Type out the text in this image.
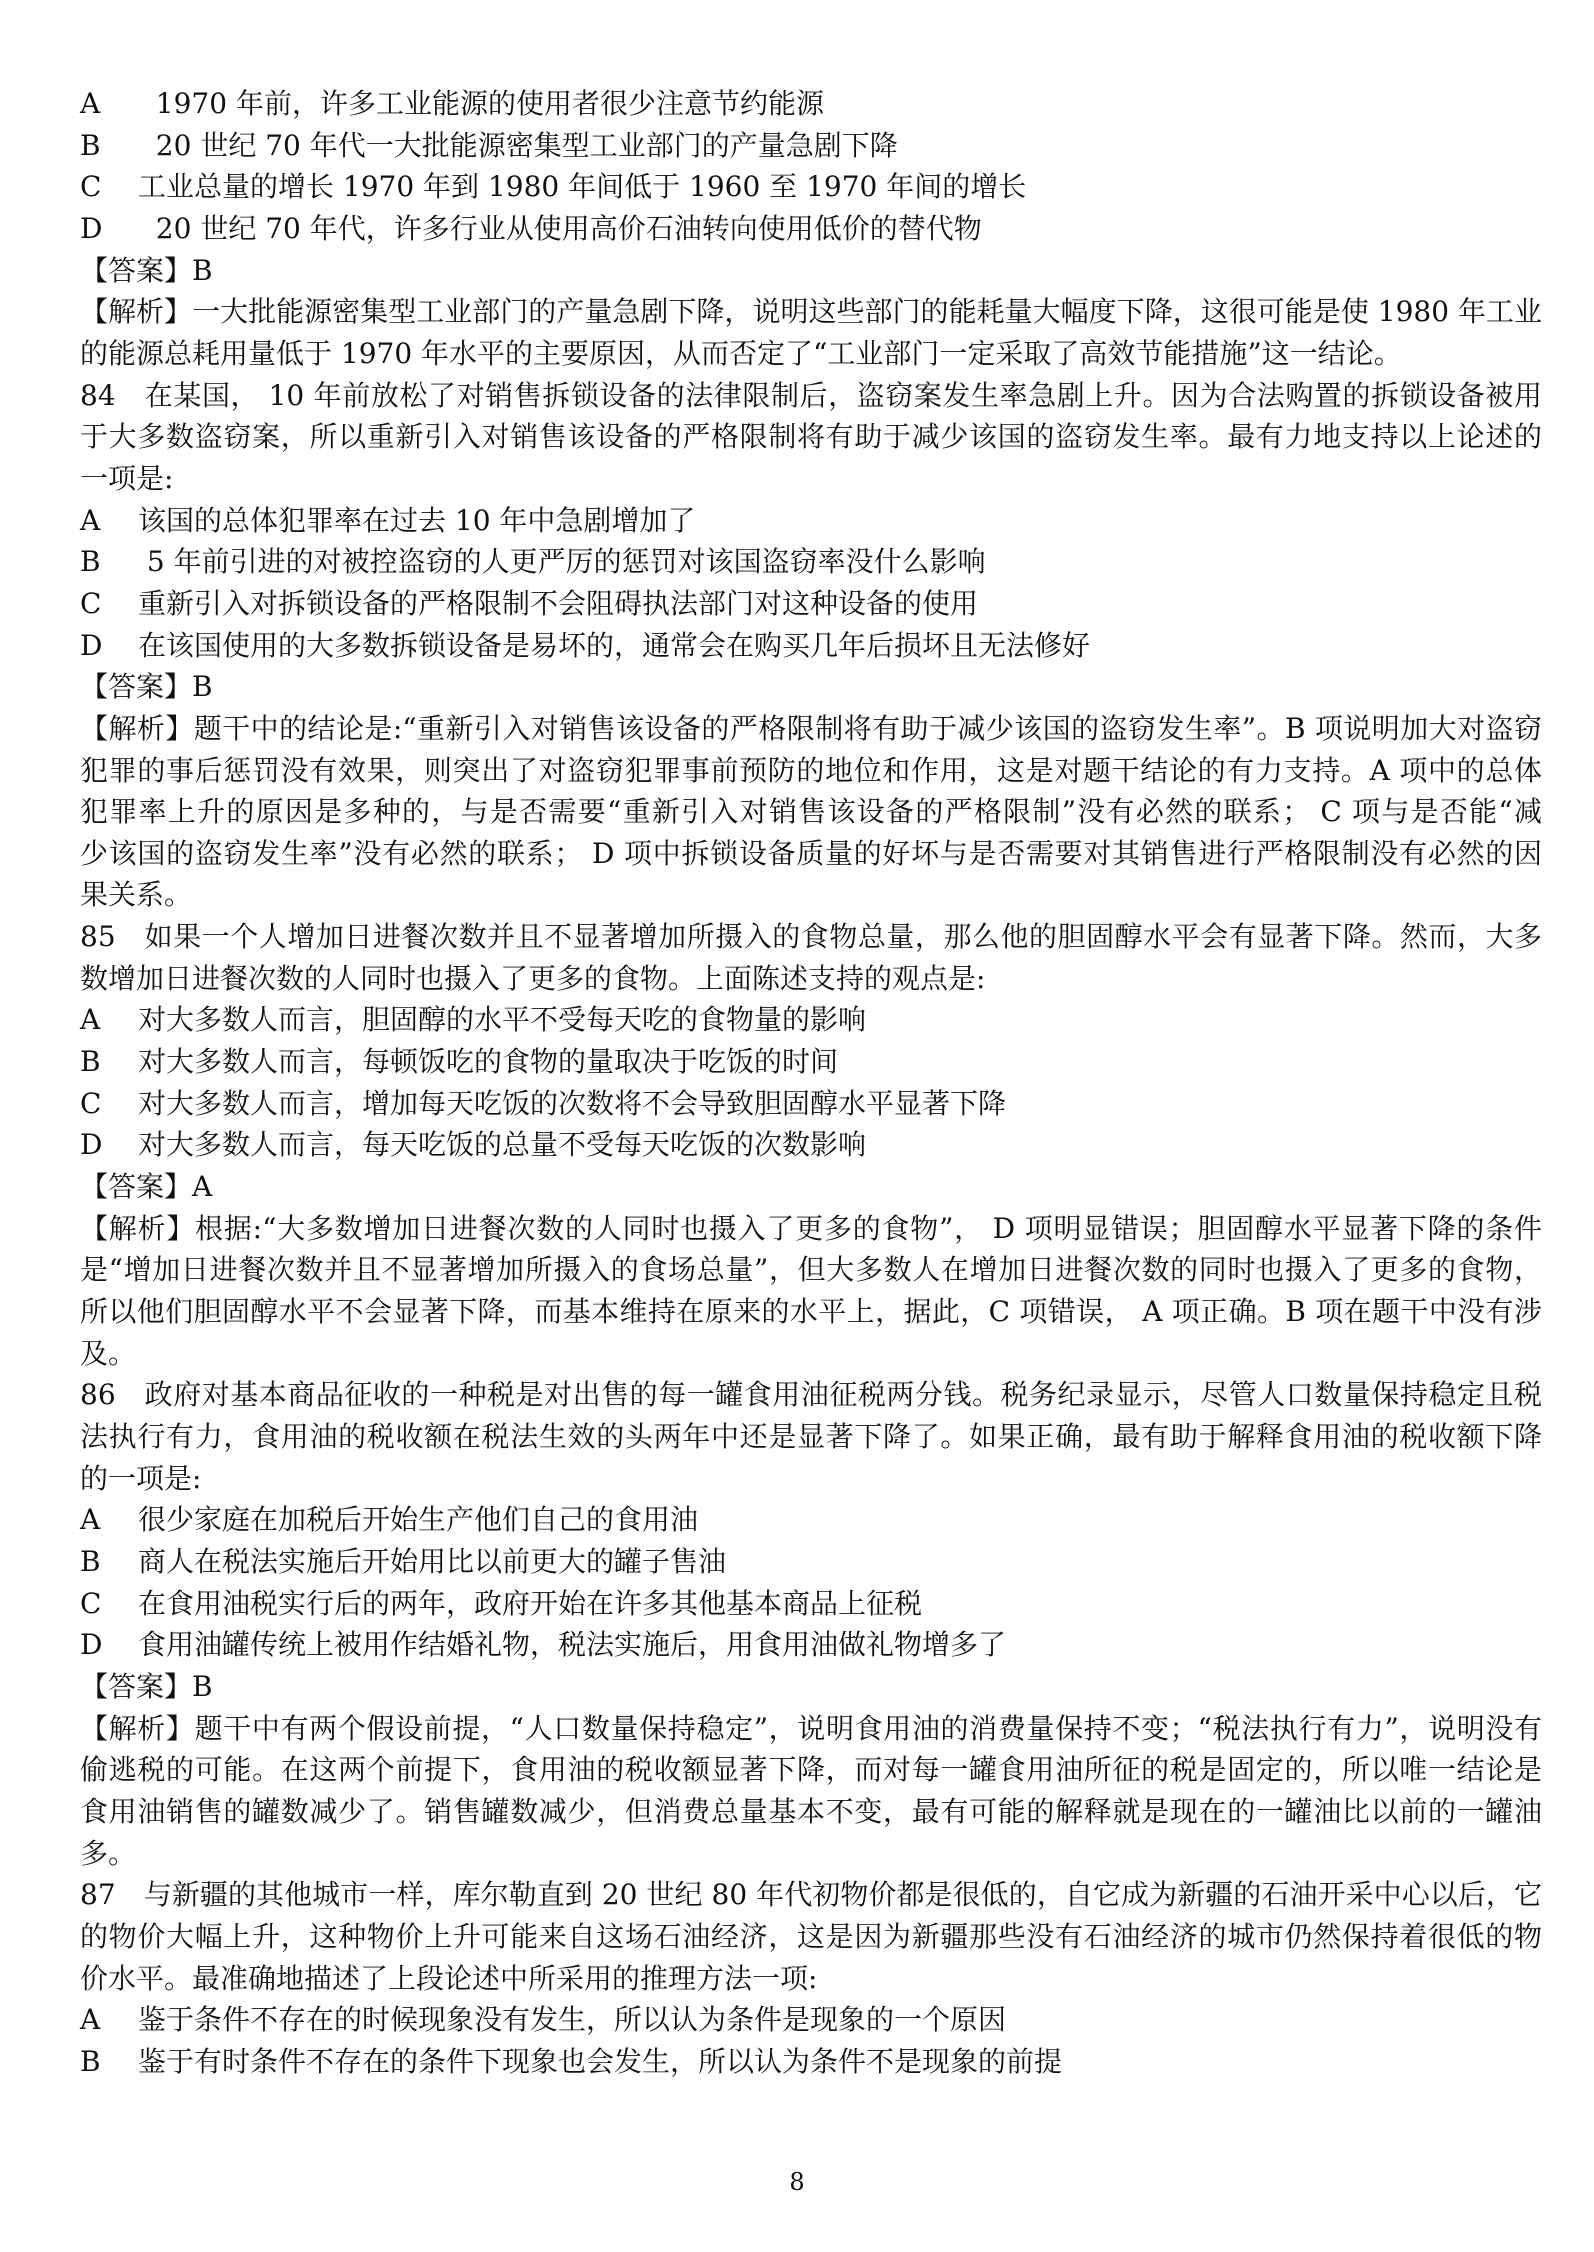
A  1970 年前，许多工业能源的使用者很少注意节约能源
B  20 世纪 70 年代一大批能源密集型工业部门的产量急剧下降
C 工业总量的增长 1970 年到 1980 年间低于 1960 至 1970 年间的增长
D  20 世纪 70 年代，许多行业从使用高价石油转向使用低价的替代物
【答案】B
【解析】一大批能源密集型工业部门的产量急剧下降，说明这些部门的能耗量大幅度下降，这很可能是使 1980 年工业
的能源总耗用量低于 1970 年水平的主要原因，从而否定了“工业部门一定采取了高效节能措施”这一结论。
84　在某国， 10 年前放松了对销售拆锁设备的法律限制后，盗窃案发生率急剧上升。因为合法购置的拆锁设备被用
于大多数盗窃案，所以重新引入对销售该设备的严格限制将有助于减少该国的盗窃发生率。最有力地支持以上论述的
一项是:
A 该国的总体犯罪率在过去 10 年中急剧增加了
B 5 年前引进的对被控盗窃的人更严厉的惩罚对该国盗窃率没什么影响
C 重新引入对拆锁设备的严格限制不会阻碍执法部门对这种设备的使用
D 在该国使用的大多数拆锁设备是易坏的，通常会在购买几年后损坏且无法修好
【答案】B
【解析】题干中的结论是:“重新引入对销售该设备的严格限制将有助于减少该国的盗窃发生率”。B 项说明加大对盗窃
犯罪的事后惩罚没有效果，则突出了对盗窃犯罪事前预防的地位和作用，这是对题干结论的有力支持。A 项中的总体
犯罪率上升的原因是多种的，与是否需要“重新引入对销售该设备的严格限制”没有必然的联系； C 项与是否能“减
少该国的盗窃发生率”没有必然的联系； D 项中拆锁设备质量的好坏与是否需要对其销售进行严格限制没有必然的因
果关系。
85　如果一个人增加日进餐次数并且不显著增加所摄入的食物总量，那么他的胆固醇水平会有显著下降。然而，大多
数增加日进餐次数的人同时也摄入了更多的食物。上面陈述支持的观点是:
A 对大多数人而言，胆固醇的水平不受每天吃的食物量的影响
B 对大多数人而言，每顿饭吃的食物的量取决于吃饭的时间
C 对大多数人而言，增加每天吃饭的次数将不会导致胆固醇水平显著下降
D 对大多数人而言，每天吃饭的总量不受每天吃饭的次数影响
【答案】A
【解析】根据:“大多数增加日进餐次数的人同时也摄入了更多的食物”， D 项明显错误；胆固醇水平显著下降的条件
是“增加日进餐次数并且不显著增加所摄入的食场总量”，但大多数人在增加日进餐次数的同时也摄入了更多的食物，
所以他们胆固醇水平不会显著下降，而基本维持在原来的水平上，据此，C 项错误， A 项正确。B 项在题干中没有涉
及。
86　政府对基本商品征收的一种税是对出售的每一罐食用油征税两分钱。税务纪录显示，尽管人口数量保持稳定且税
法执行有力，食用油的税收额在税法生效的头两年中还是显著下降了。如果正确，最有助于解释食用油的税收额下降
的一项是:
A 很少家庭在加税后开始生产他们自己的食用油
B 商人在税法实施后开始用比以前更大的罐子售油
C 在食用油税实行后的两年，政府开始在许多其他基本商品上征税
D 食用油罐传统上被用作结婚礼物，税法实施后，用食用油做礼物增多了
【答案】B
【解析】题干中有两个假设前提，“人口数量保持稳定”，说明食用油的消费量保持不变；“税法执行有力”，说明没有
偷逃税的可能。在这两个前提下，食用油的税收额显著下降，而对每一罐食用油所征的税是固定的，所以唯一结论是
食用油销售的罐数减少了。销售罐数减少，但消费总量基本不变，最有可能的解释就是现在的一罐油比以前的一罐油
多。
87　与新疆的其他城市一样，库尔勒直到 20 世纪 80 年代初物价都是很低的，自它成为新疆的石油开采中心以后，它
的物价大幅上升，这种物价上升可能来自这场石油经济，这是因为新疆那些没有石油经济的城市仍然保持着很低的物
价水平。最准确地描述了上段论述中所采用的推理方法一项:
A 鉴于条件不存在的时候现象没有发生，所以认为条件是现象的一个原因
B 鉴于有时条件不存在的条件下现象也会发生，所以认为条件不是现象的前提
8
